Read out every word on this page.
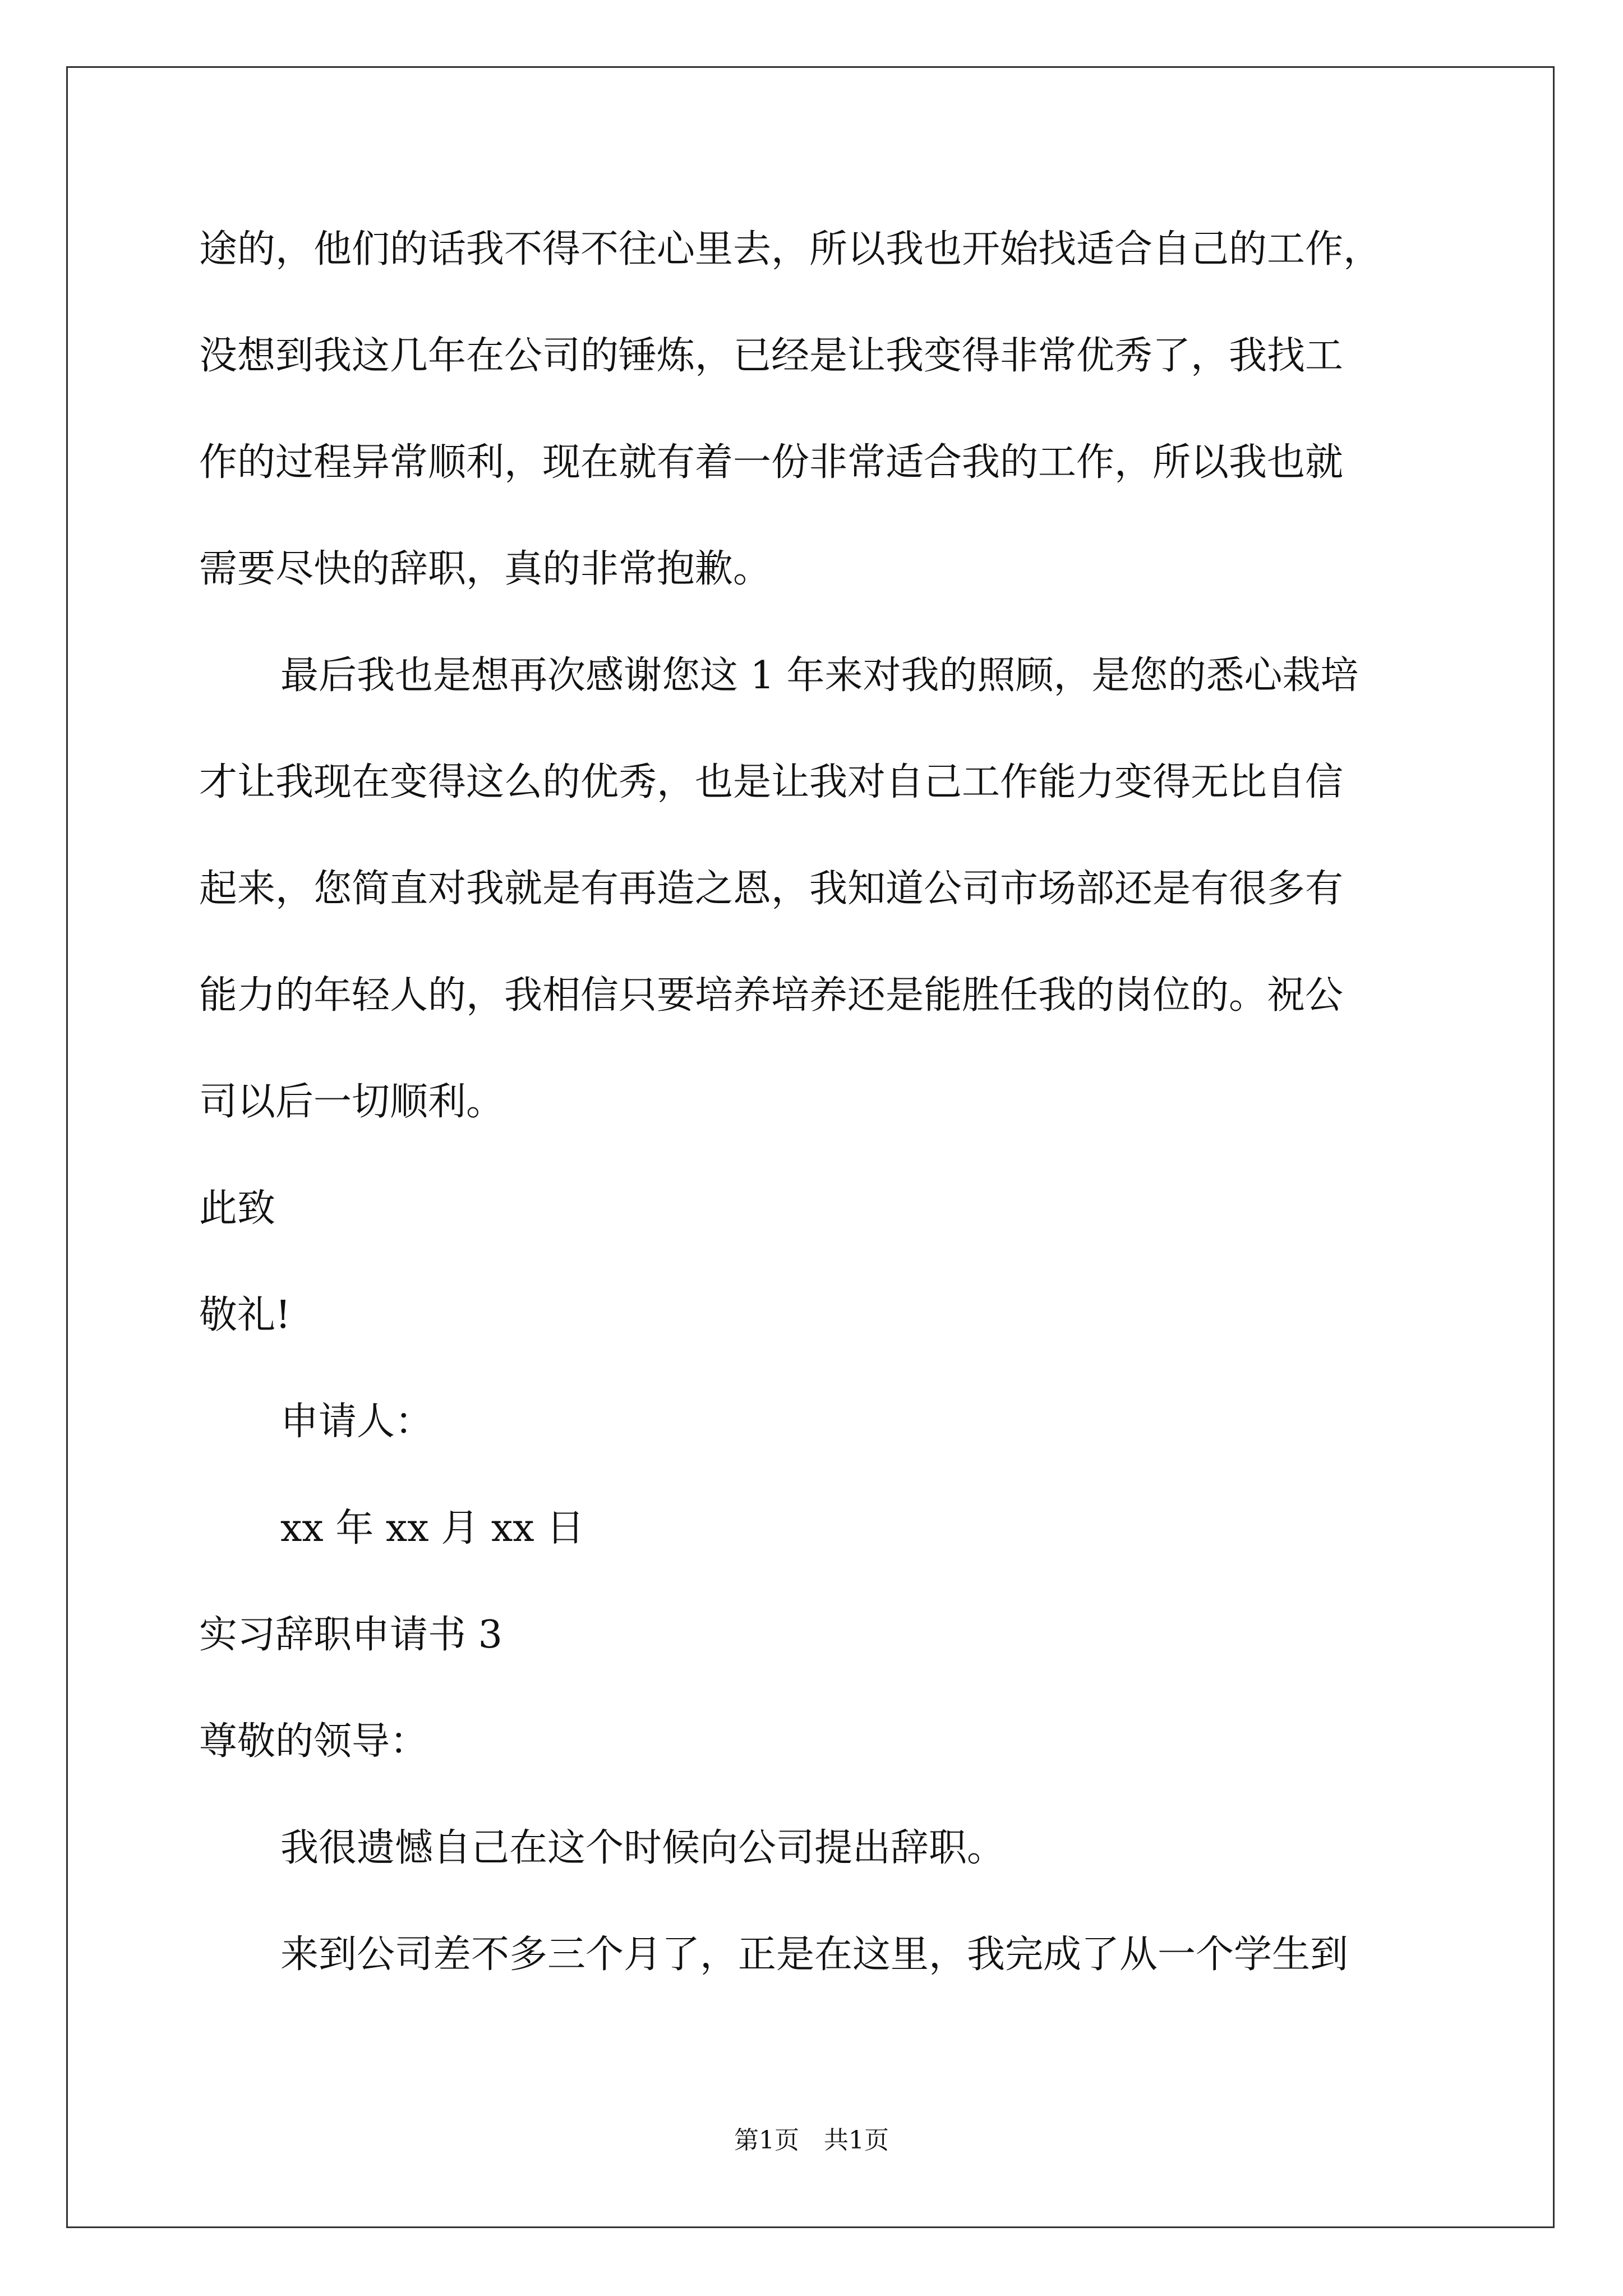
途的，他们的话我不得不往心里去，所以我也开始找适合自己的工作，
没想到我这几年在公司的锤炼，已经是让我变得非常优秀了，我找工
作的过程异常顺利，现在就有着一份非常适合我的工作，所以我也就
需要尽快的辞职，真的非常抱歉。
最后我也是想再次感谢您这 1 年来对我的照顾，是您的悉心栽培
才让我现在变得这么的优秀，也是让我对自己工作能力变得无比自信
起来，您简直对我就是有再造之恩，我知道公司市场部还是有很多有
能力的年轻人的，我相信只要培养培养还是能胜任我的岗位的。祝公
司以后一切顺利。
此致
敬礼!
申请人：
xx 年 xx 月 xx 日
实习辞职申请书 3
尊敬的领导：
我很遗憾自己在这个时候向公司提出辞职。
来到公司差不多三个月了，正是在这里，我完成了从一个学生到
第1页 共1页
